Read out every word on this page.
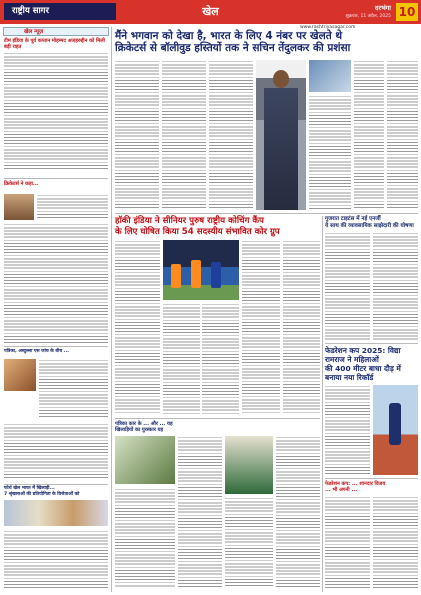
राष्ट्रीय सागर	खेल	दरभंगा
शुक्रवार, 11 अप्रैल, 2025 10
www.rashtriyasagar.com
खेल न्यूज़
टीम इंडिया के पूर्व कप्तान मोहम्मद अजहरुद्दीन को मिली बड़ी राहत
क्रिकेटर्स ने कहा...
पत्रिका, अब्दुल्ला एस जांच के बीच ...
फोर्थ खेल भारत में खिलाड़ी...
7 श्रृंखलाओं की प्रतियोगिता के विजेताओं को
मैंने भगवान को देखा है, भारत के लिए 4 नंबर पर खेलते थे
क्रिकेटर्स से बॉलीवुड हस्तियों तक ने सचिन तेंदुलकर की प्रशंसा
हॉकी इंडिया ने सीनियर पुरुष राष्ट्रीय कोचिंग कैंप
के लिए घोषित किया 54 सदस्यीय संभावित कोर ग्रुप
पत्रिका कार के ... और ... यह
खिलाड़ियों का पुरस्कार यह
गुजरात टाइटंस में नई एनर्जी
ये साथ की व्यावसायिक साझेदारी की घोषणा
फेडरेशन कप 2025: विद्या रामराज ने महिलाओं
की 400 मीटर बाधा दौड़ में बनाया नया रिकॉर्ड
फेडरेशन कप: ... शानदार विजय
... भी अपनी ...
